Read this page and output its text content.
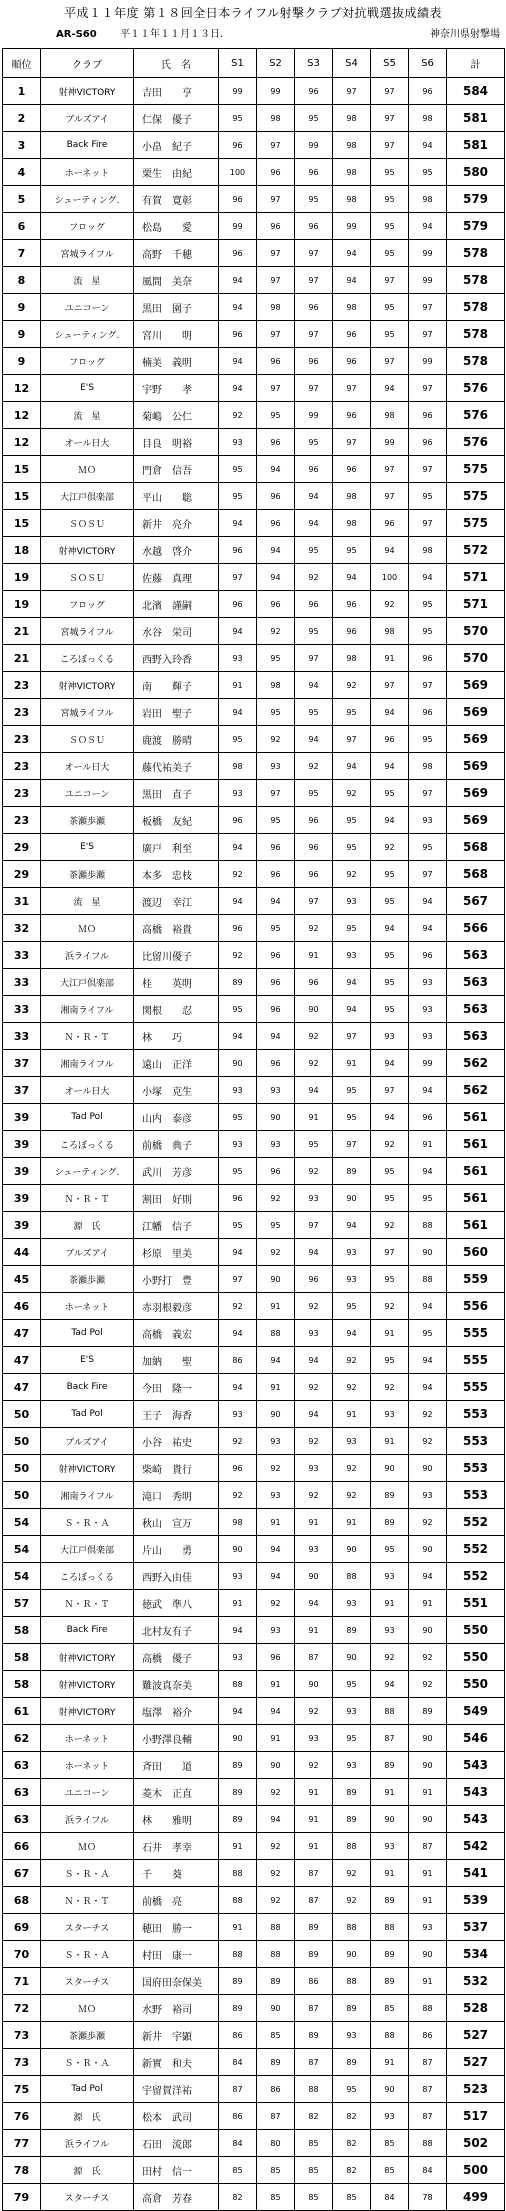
平成１１年度 第１８回全日本ライフル射撃クラブ対抗戦選抜成績表
AR-S60 平１１年１１月１３日.	神奈川県射撃場
順位	クラブ	氏　名	S1	S2	S3	S4	S5	S6	計
1	射神VICTORY	吉田　　亨	99	99	96	97	97	96	584
2	ブルズアイ	仁保　優子	95	98	95	98	97	98	581
3	Back Fire	小畠　紀子	96	97	99	98	97	94	581
4	ホーネット	栗生　由紀	100	96	96	98	95	95	580
5	シューティング.	有賀　寛彰	96	97	95	98	95	98	579
6	フロッグ	松島　　愛	99	96	96	99	95	94	579
7	宮城ライフル	高野　千穂	96	97	97	94	95	99	578
8	流　星	風間　美奈	94	97	97	94	97	99	578
9	ユニコーン	黒田　園子	94	98	96	98	95	97	578
9	シューティング.	宮川　　明	96	97	97	96	95	97	578
9	フロッグ	楠美　義明	94	96	96	96	97	99	578
12	E'S	宇野　　孝	94	97	97	97	94	97	576
12	流　星	菊嶋　公仁	92	95	99	96	98	96	576
12	オール日大	目良　明裕	93	96	95	97	99	96	576
15	ＭＯ	門倉　信吾	95	94	96	96	97	97	575
15	大江戸倶楽部	平山　　聡	95	96	94	98	97	95	575
15	ＳＯＳＵ	新井　亮介	94	96	94	98	96	97	575
18	射神VICTORY	水越　啓介	96	94	95	95	94	98	572
19	ＳＯＳＵ	佐藤　真理	97	94	92	94	100	94	571
19	フロッグ	北濱　謹嗣	96	96	96	96	92	95	571
21	宮城ライフル	水谷　栄司	94	92	95	96	98	95	570
21	ころぼっくる	西野入玲香	93	95	97	98	91	96	570
23	射神VICTORY	南　　輝子	91	98	94	92	97	97	569
23	宮城ライフル	岩田　聖子	94	95	95	95	94	96	569
23	ＳＯＳＵ	鹿渡　勝晴	95	92	94	97	96	95	569
23	オール日大	藤代祐美子	98	93	92	94	94	98	569
23	ユニコーン	黒田　直子	93	97	95	92	95	97	569
23	茶瀬歩瀬	板橋　友紀	96	95	96	95	94	93	569
29	E'S	廣戸　利至	94	96	96	95	92	95	568
29	茶瀬歩瀬	本多　忠枝	92	96	96	92	95	97	568
31	流　星	渡辺　幸江	94	94	97	93	95	94	567
32	ＭＯ	高橋　裕貴	96	95	92	95	94	94	566
33	浜ライフル	比留川優子	92	96	91	93	95	96	563
33	大江戸倶楽部	桂　　英明	89	96	96	94	95	93	563
33	湘南ライフル	関根　　忍	95	96	90	94	95	93	563
33	Ｎ・Ｒ・Ｔ	林　　巧	94	94	92	97	93	93	563
37	湘南ライフル	遠山　正洋	90	96	92	91	94	99	562
37	オール日大	小塚　克生	93	93	94	95	97	94	562
39	Tad Pol	山内　泰彦	95	90	91	95	94	96	561
39	ころぼっくる	前橋　典子	93	93	95	97	92	91	561
39	シューティング.	武川　芳彦	95	96	92	89	95	94	561
39	Ｎ・Ｒ・Ｔ	割田　好則	96	92	93	90	95	95	561
39	源　氏	江幡　信子	95	95	97	94	92	88	561
44	ブルズアイ	杉原　里美	94	92	94	93	97	90	560
45	茶瀬歩瀬	小野打　豊	97	90	96	93	95	88	559
46	ホーネット	赤羽根毅彦	92	91	92	95	92	94	556
47	Tad Pol	高橋　義宏	94	88	93	94	91	95	555
47	E'S	加納　　聖	86	94	94	92	95	94	555
47	Back Fire	今田　隆一	94	91	92	92	92	94	555
50	Tad Pol	王子　海香	93	90	94	91	93	92	553
50	ブルズアイ	小谷　祐史	92	93	92	93	91	92	553
50	射神VICTORY	柴崎　貴行	96	92	93	92	90	90	553
50	湘南ライフル	滝口　秀明	92	93	92	92	89	93	553
54	Ｓ・Ｒ・Ａ	秋山　宣万	98	91	91	91	89	92	552
54	大江戸倶楽部	片山　　勇	90	94	93	90	95	90	552
54	ころぼっくる	西野入由佳	93	94	90	88	93	94	552
57	Ｎ・Ｒ・Ｔ	徳武　準八	91	92	94	93	91	91	551
58	Back Fire	北村友有子	94	93	91	89	93	90	550
58	射神VICTORY	高橋　優子	93	96	87	90	92	92	550
58	射神VICTORY	難波真奈美	88	91	90	95	94	92	550
61	射神VICTORY	塩澤　裕介	94	94	92	93	88	89	549
62	ホーネット	小野澤良輔	90	91	93	95	87	90	546
63	ホーネット	斉田　　道	89	90	92	93	89	90	543
63	ユニコーン	菱木　正直	89	92	91	89	91	91	543
63	浜ライフル	林　　雅明	89	94	91	89	90	90	543
66	ＭＯ	石井　孝幸	91	92	91	88	93	87	542
67	Ｓ・Ｒ・Ａ	千　　葵	88	92	87	92	91	91	541
68	Ｎ・Ｒ・Ｔ	前橋　亮	88	92	87	92	89	91	539
69	スターチス	穂田　勝一	91	88	89	88	88	93	537
70	Ｓ・Ｒ・Ａ	村田　康一	88	88	89	90	89	90	534
71	スターチス	国府田奈保美	89	89	86	88	89	91	532
72	ＭＯ	水野　裕司	89	90	87	89	85	88	528
73	茶瀬歩瀬	新井　宇顕	86	85	89	93	88	86	527
73	Ｓ・Ｒ・Ａ	新實　和夫	84	89	87	89	91	87	527
75	Tad Pol	宇留賀洋祐	87	86	88	95	90	87	523
76	源　氏	松本　武司	86	87	82	82	93	87	517
77	浜ライフル	石田　流郎	84	80	85	82	85	88	502
78	源　氏	田村　信一	85	85	85	82	85	84	500
79	スターチス	高倉　芳春	82	85	85	85	84	78	499
